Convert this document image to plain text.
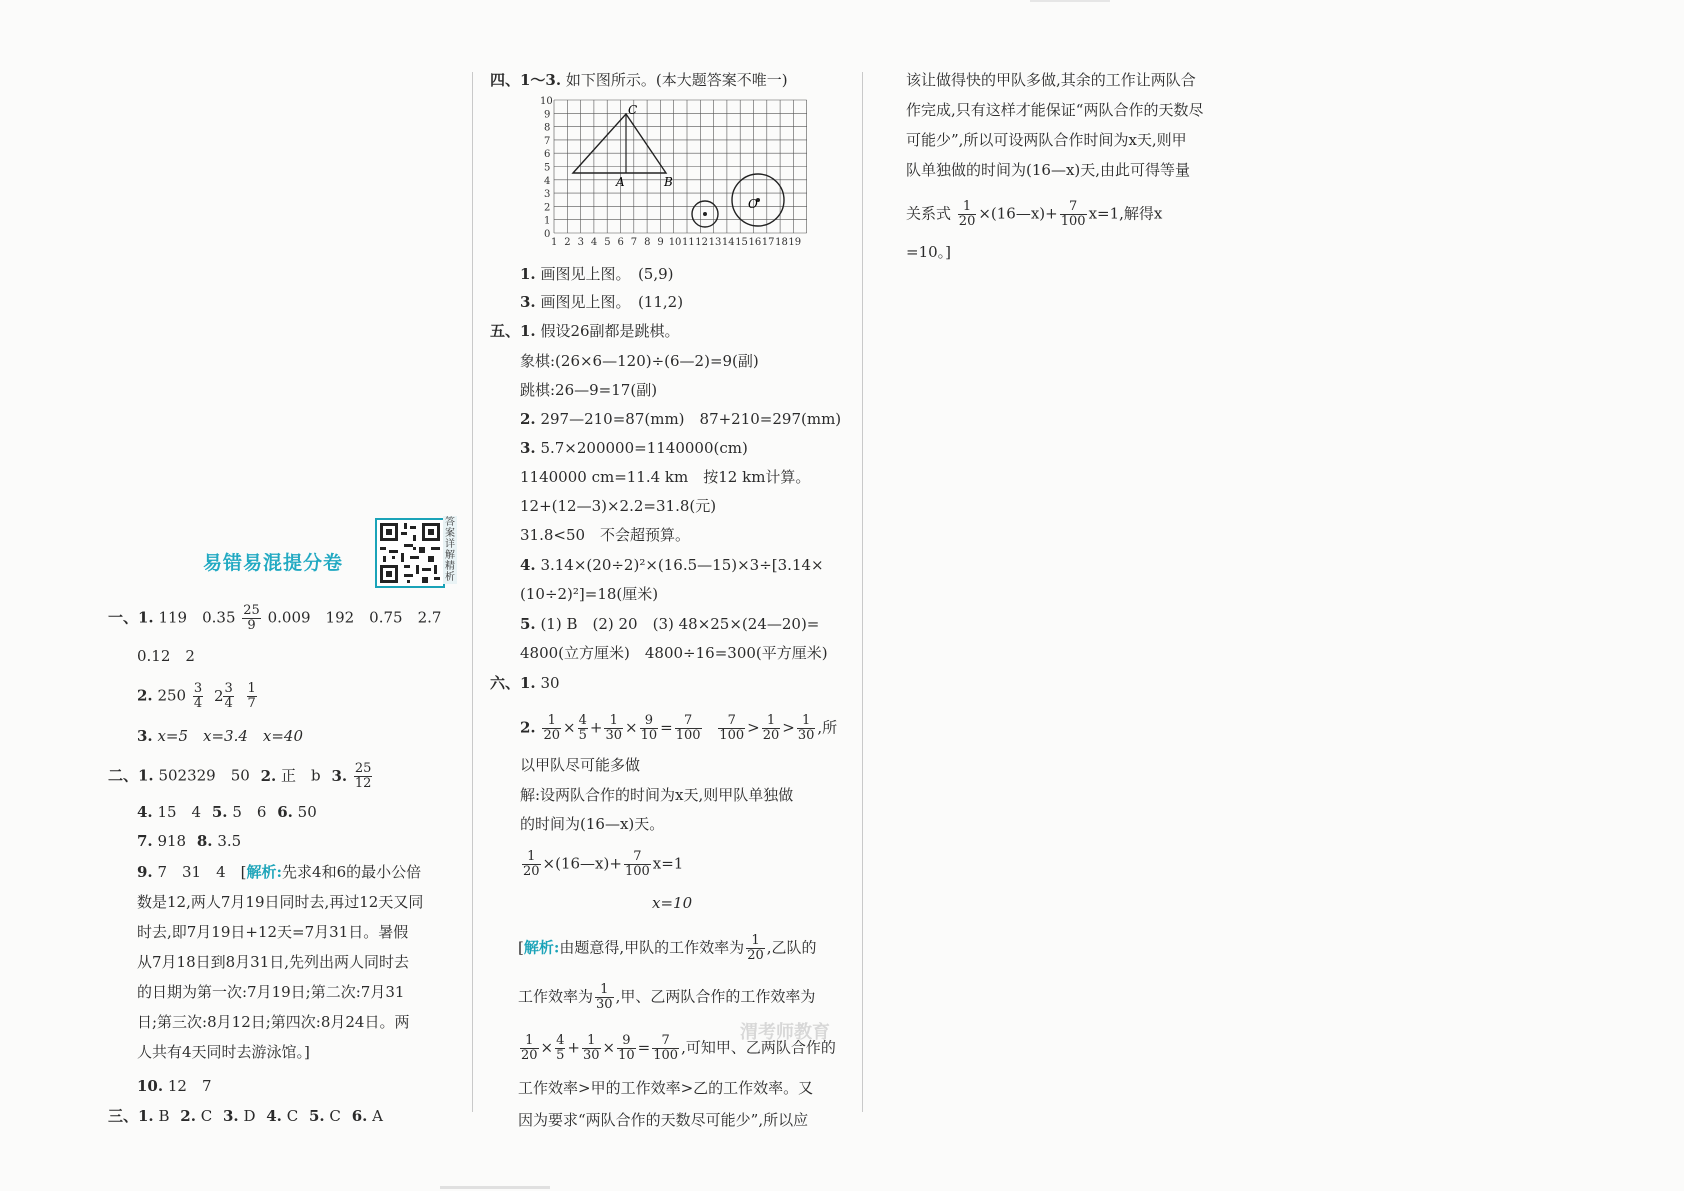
易错易混提分卷
答案详解精析
一、1. 119　$0.35 \frac{25}{9} 0.009$　192　0.75　2.7
0.12　2
2. $250 \frac{3}{4} 2 \frac{3}{4}$
$\frac{1}{7}$
3. x=5　x=3.4　x=40
二、1. 502329　50 2. 正　b 3. $\frac{25}{12}$
4. 15　4 5. 5　6 6. 50
7. 918 8. 3.5
9. 7　31　4　[解析:先求4和6的最小公倍
数是12,两人7月19日同时去,再过12天又同
时去,即7月19日+12天=7月31日。暑假
从7月18日到8月31日,先列出两人同时去
的日期为第一次:7月19日;第二次:7月31
日;第三次:8月12日;第四次:8月24日。两
人共有4天同时去游泳馆。]
10. 12　7
三、1. B 2. C 3. D 4. C 5. C 6. A
四、1～3. 如下图所示。(本大题答案不唯一)
10
9
8
7
6
5
4
3
2
1
0
1 2 3 4 5 6 7 8 9 10 11 12 13 14 15 16 17 18 19
C
A	B
O
1. 画图见上图。　(5,9)
3. 画图见上图。　(11,2)
五、1. 假设26副都是跳棋。
象棋:(26×6—120)÷(6—2)=9(副)
跳棋:26—9=17(副)
2. 297—210=87(mm)　87+210=297(mm)
3. 5.7×200000=1140000(cm)
1140000 cm=11.4 km　按12 km计算。
12+(12—3)×2.2=31.8(元)
31.8<50　不会超预算。
4. 3.14×(20÷2)²×(16.5—15)×3÷[3.14×
(10÷2)²]=18(厘米)
5. (1) B　(2) 20　(3) 48×25×(24—20)=
4800(立方厘米)　4800÷16=300(平方厘米)
六、1. 30
2. $\frac{1}{20} \times \frac{4}{5} + \frac{1}{30} \times \frac{9}{10} = \frac{7}{100}$
$\frac{7}{100} > \frac{1}{20} > \frac{1}{30}$ ,所
以甲队尽可能多做
解:设两队合作的时间为x天,则甲队单独做
的时间为(16—x)天。
$\frac{1}{20}$ ×(16—x)+ $\frac{7}{100} x=1$
x=10
[解析:由题意得,甲队的工作效率为 $\frac{1}{20}$ ,乙队的
工作效率为 $\frac{1}{30}$ ,甲、乙两队合作的工作效率为
$\frac{1}{20} \times \frac{4}{5} + \frac{1}{30} \times \frac{9}{10} = \frac{7}{100}$ ,可知甲、乙两队合作的
工作效率>甲的工作效率>乙的工作效率。又
因为要求“两队合作的天数尽可能少”,所以应
渭考师教育
该让做得快的甲队多做,其余的工作让两队合
作完成,只有这样才能保证“两队合作的天数尽
可能少”,所以可设两队合作时间为x天,则甲
队单独做的时间为(16—x)天,由此可得等量
关系式 $\frac{1}{20}$ ×(16—x)+ $\frac{7}{100} x=1$,解得x
=10。]
